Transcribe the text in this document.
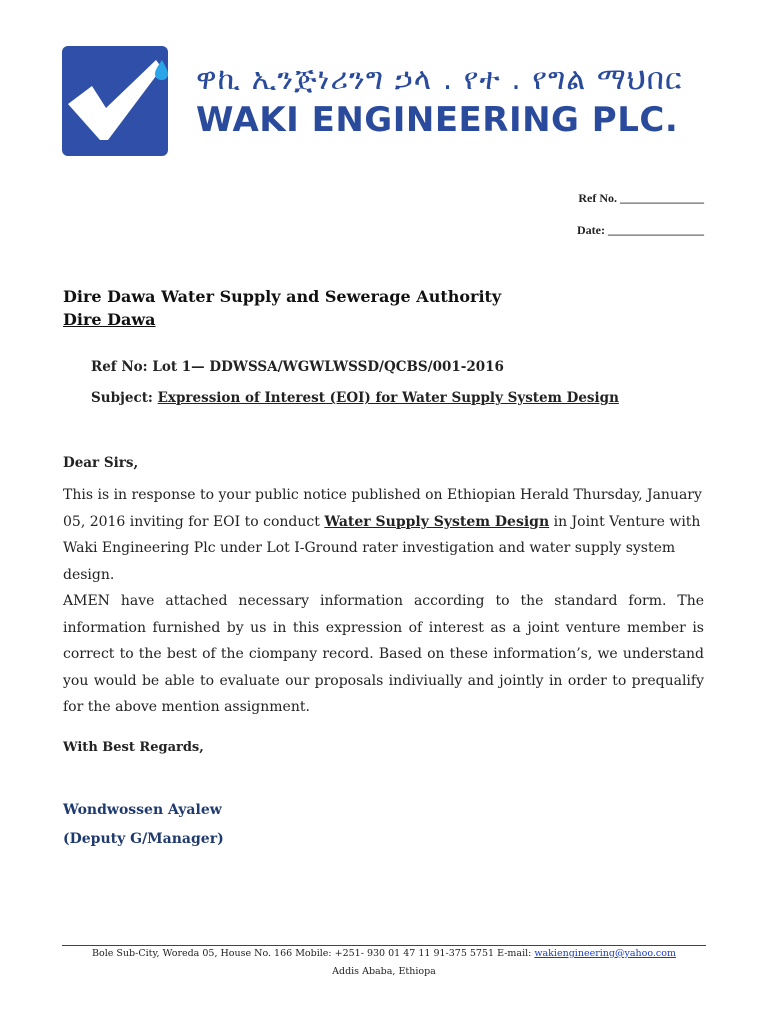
ዋኪ ኢንጅነሪንግ ኃላ . የተ . የግል ማህበር
WAKI ENGINEERING PLC.
Ref No. ______________
Date: ________________
Dire Dawa Water Supply and Sewerage Authority
Dire Dawa
Ref No: Lot 1— DDWSSA/WGWLWSSD/QCBS/001-2016
Subject: Expression of Interest (EOI) for Water Supply System Design
Dear Sirs,
This is in response to your public notice published on Ethiopian Herald Thursday, January 05, 2016 inviting for EOI to conduct Water Supply System Design in Joint Venture with Waki Engineering Plc under Lot I-Ground rater investigation and water supply system design.
AMEN have attached necessary information according to the standard form. The information furnished by us in this expression of interest as a joint venture member is correct to the best of the ciompany record. Based on these information’s, we understand you would be able to evaluate our proposals indiviually and jointly in order to prequalify for the above mention assignment.
With Best Regards,
Wondwossen Ayalew
(Deputy G/Manager)
Bole Sub-City, Woreda 05, House No. 166 Mobile: +251- 930 01 47 11 91-375 5751 E-mail: wakiengineering@yahoo.com
Addis Ababa, Ethiopa
